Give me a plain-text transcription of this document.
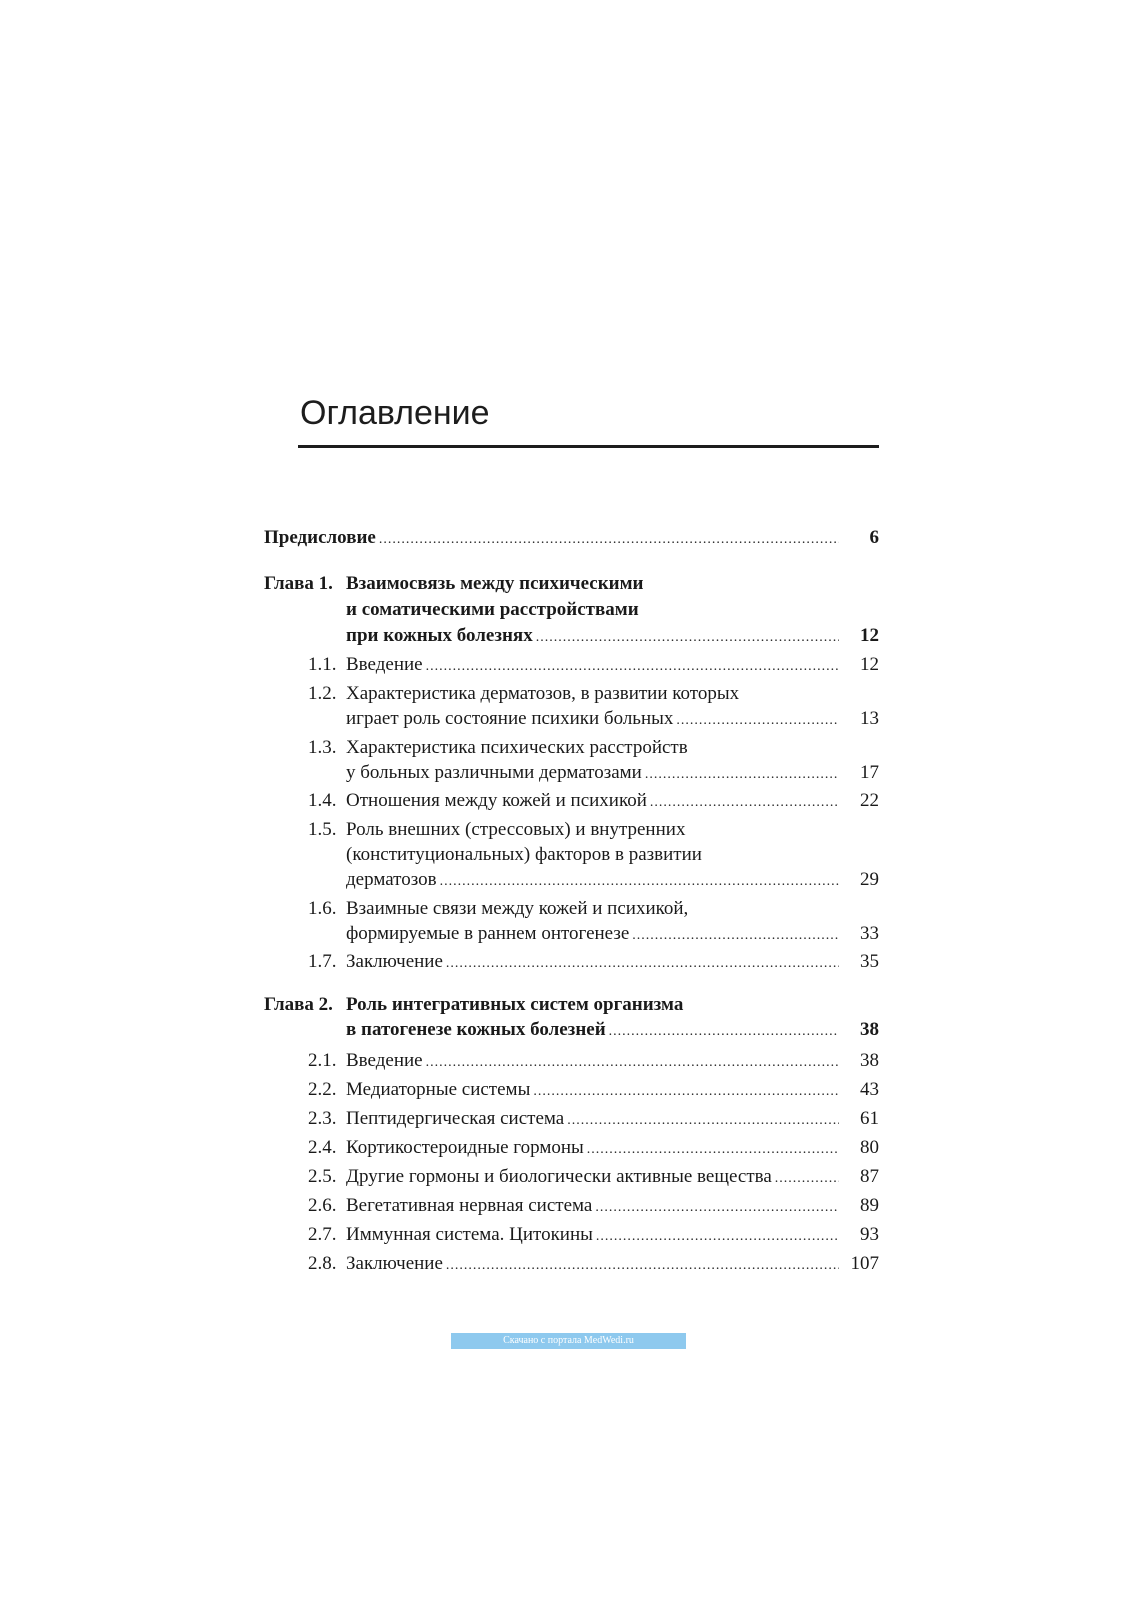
Оглавление
Предисловие .....	6
Глава 1. Взаимосвязь между психическими
и соматическими расстройствами
при кожных болезнях .....	12
1.1. Введение .....	12
1.2. Характеристика дерматозов, в развитии которых
играет роль состояние психики больных .....	13
1.3. Характеристика психических расстройств
у больных различными дерматозами .....	17
1.4. Отношения между кожей и психикой .....	22
1.5. Роль внешних (стрессовых) и внутренних
(конституциональных) факторов в развитии
дерматозов .....	29
1.6. Взаимные связи между кожей и психикой,
формируемые в раннем онтогенезе .....	33
1.7. Заключение .....	35
Глава 2. Роль интегративных систем организма
в патогенезе кожных болезней .....	38
2.1. Введение .....	38
2.2. Медиаторные системы .....	43
2.3. Пептидергическая система .....	61
2.4. Кортикостероидные гормоны .....	80
2.5. Другие гормоны и биологически активные вещества .....	87
2.6. Вегетативная нервная система .....	89
2.7. Иммунная система. Цитокины .....	93
2.8. Заключение .....	107
Скачано с портала MedWedi.ru
